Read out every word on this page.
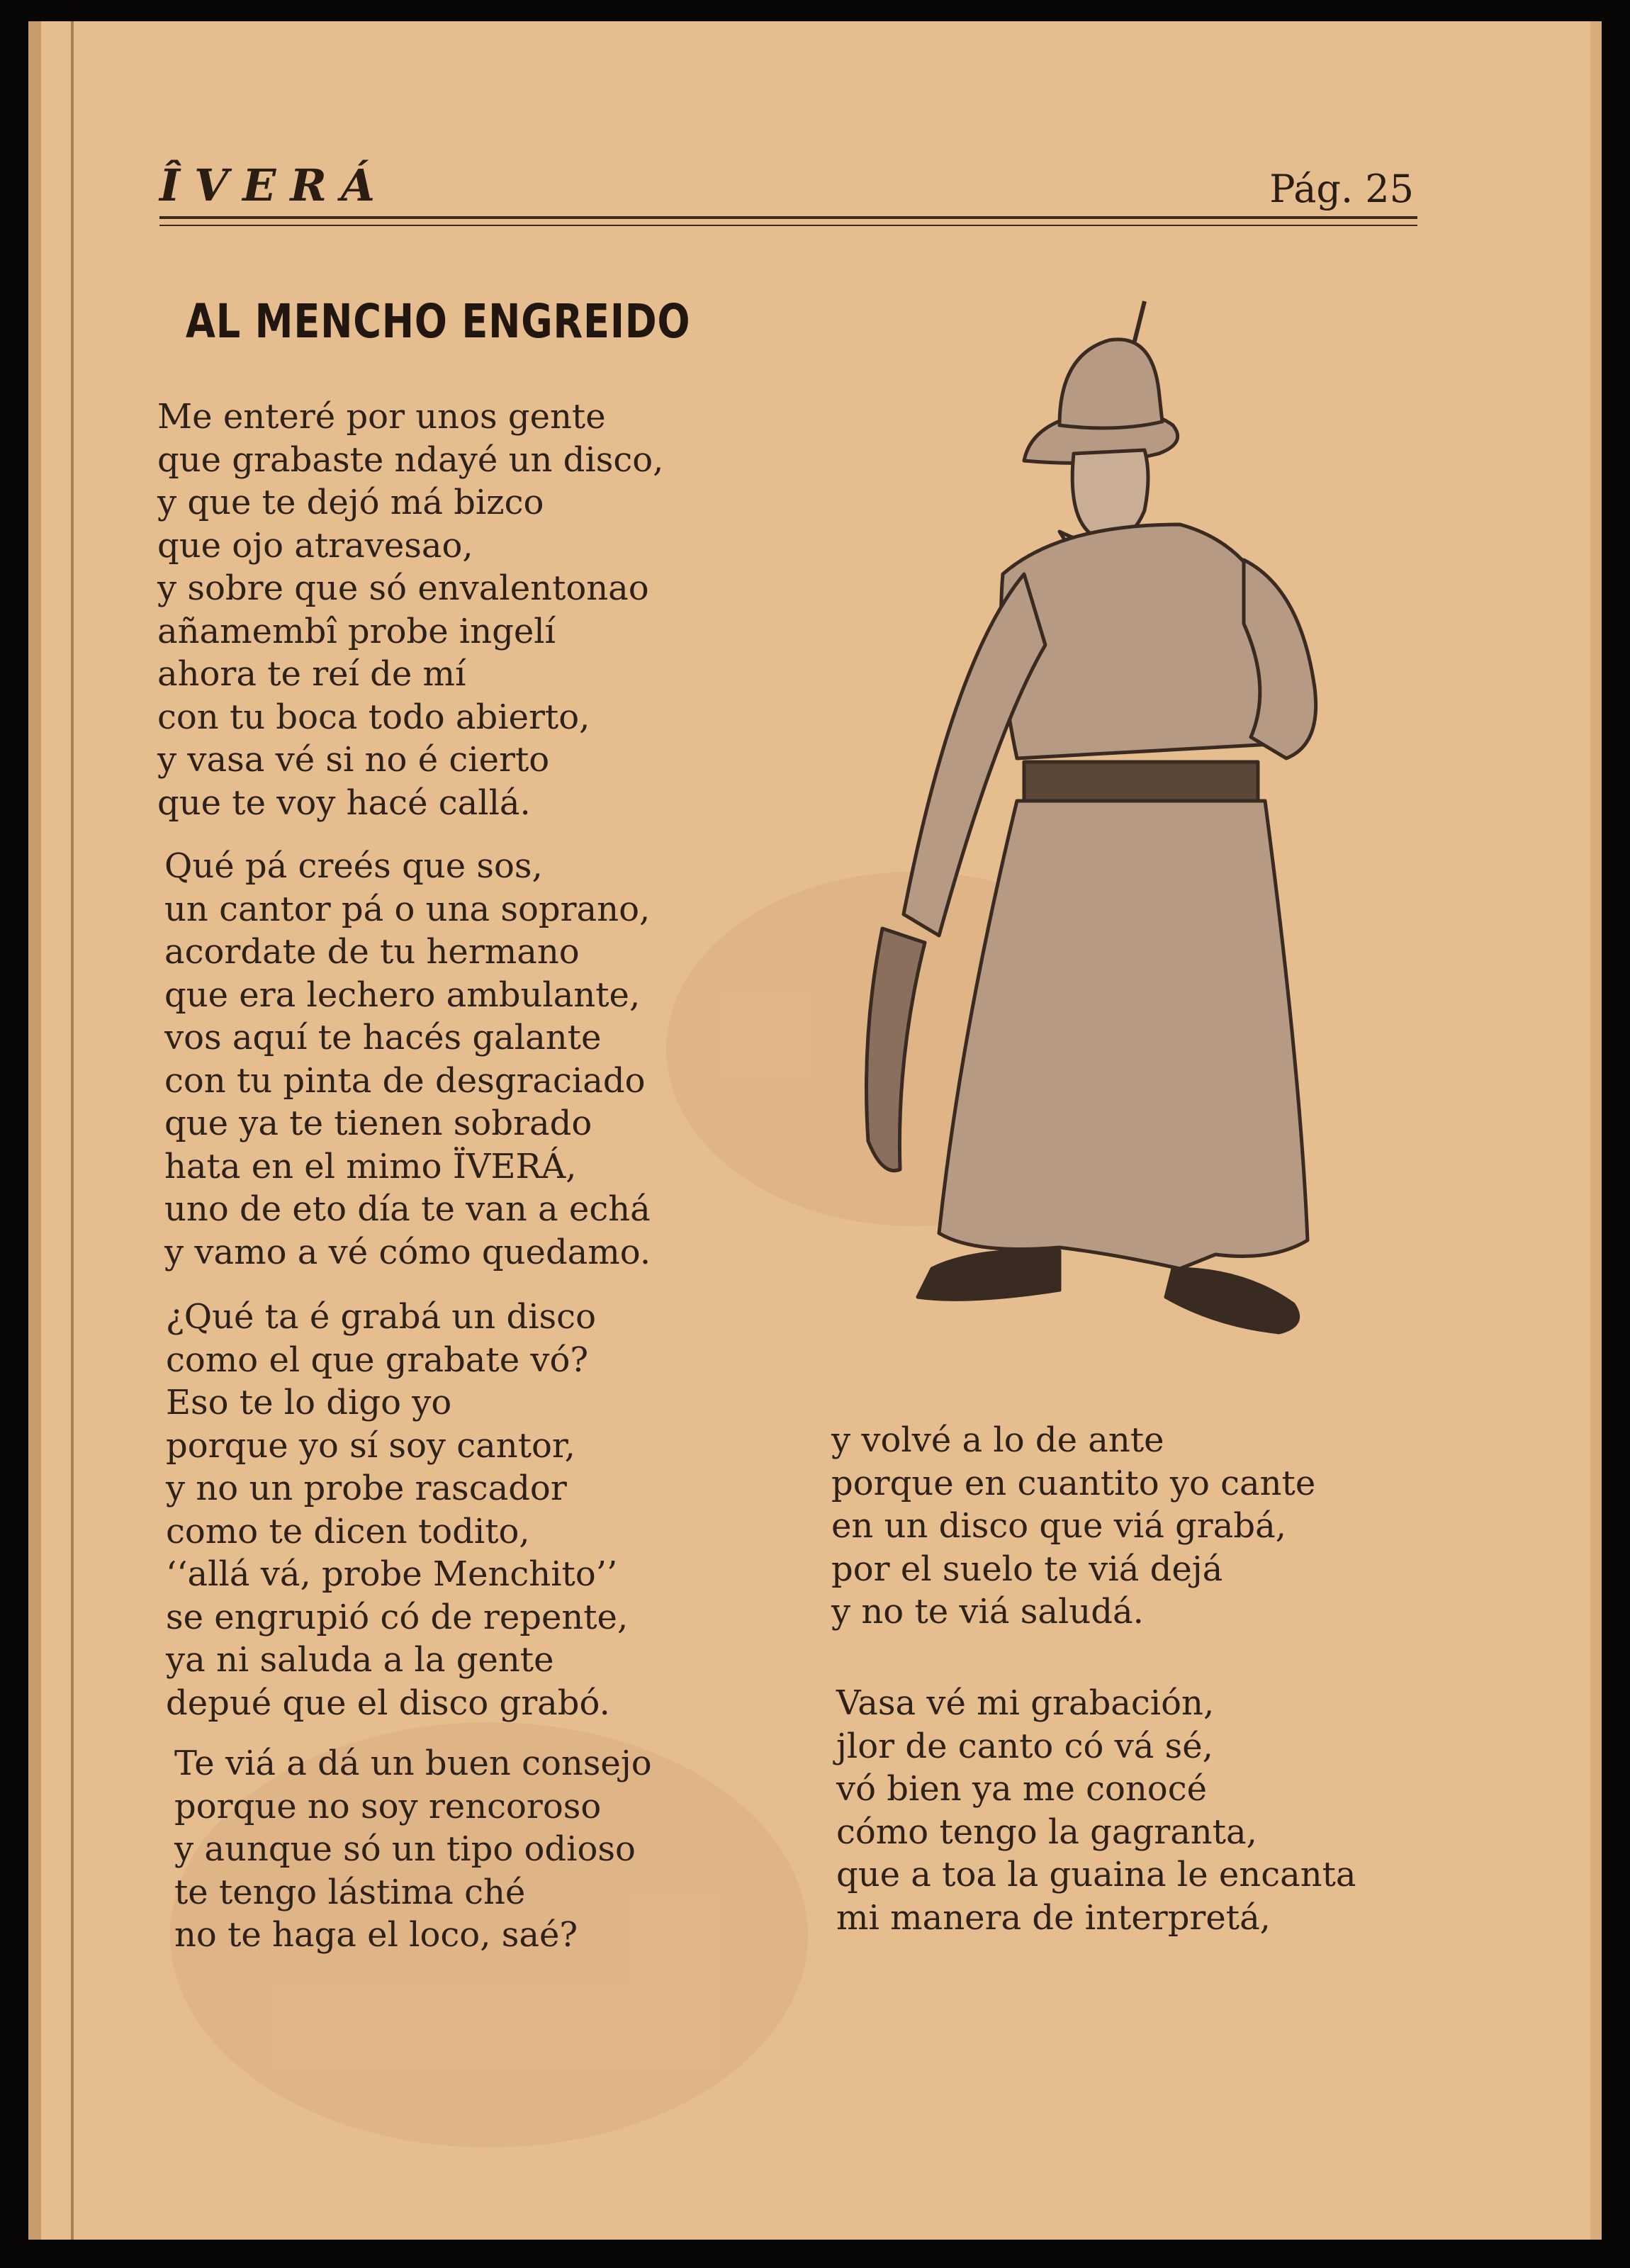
ÎVERÁ	Pág. 25
AL MENCHO ENGREIDO
Me enteré por unos gente
que grabaste ndayé un disco,
y que te dejó má bizco
que ojo atravesao,
y sobre que só envalentonao
añamembî probe ingelí
ahora te reí de mí
con tu boca todo abierto,
y vasa vé si no é cierto
que te voy hacé callá.
Qué pá creés que sos,
un cantor pá o una soprano,
acordate de tu hermano
que era lechero ambulante,
vos aquí te hacés galante
con tu pinta de desgraciado
que ya te tienen sobrado
hata en el mimo ÏVERÁ,
uno de eto día te van a echá
y vamo a vé cómo quedamo.
¿Qué ta é grabá un disco
como el que grabate vó?
Eso te lo digo yo
porque yo sí soy cantor,
y no un probe rascador
como te dicen todito,
‘‘allá vá, probe Menchito’’
se engrupió có de repente,
ya ni saluda a la gente
depué que el disco grabó.
Te viá a dá un buen consejo
porque no soy rencoroso
y aunque só un tipo odioso
te tengo lástima ché
no te haga el loco, saé?
y volvé a lo de ante
porque en cuantito yo cante
en un disco que viá grabá,
por el suelo te viá dejá
y no te viá saludá.
Vasa vé mi grabación,
jlor de canto có vá sé,
vó bien ya me conocé
cómo tengo la gagranta,
que a toa la guaina le encanta
mi manera de interpretá,
